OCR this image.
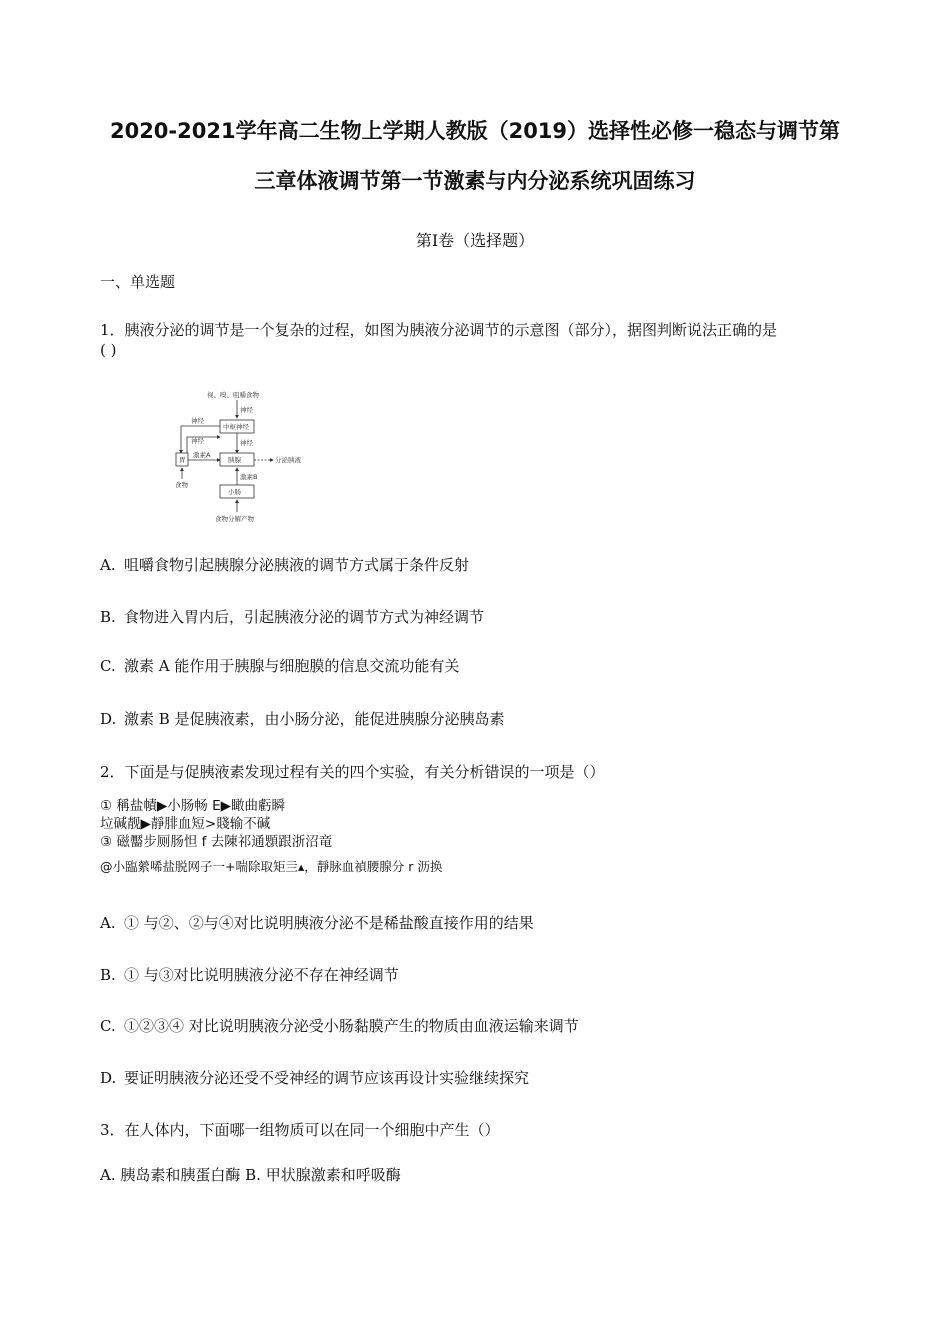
2020-2021学年高二生物上学期人教版（2019）选择性必修一稳态与调节第
三章体液调节第一节激素与内分泌系统巩固练习
第Ⅰ卷（选择题）
一、单选题
1．胰液分泌的调节是一个复杂的过程，如图为胰液分泌调节的示意图（部分），据图判断说法正确的是
( )
视、嗅、咀嚼食物
神经
中枢神经
神经
神经	神经
胃
激素A
胰腺	分泌胰液
食物
激素B
小肠
食物分解产物
A. 咀嚼食物引起胰腺分泌胰液的调节方式属于条件反射
B. 食物进入胃内后，引起胰液分泌的调节方式为神经调节
C. 激素 A 能作用于胰腺与细胞膜的信息交流功能有关
D. 激素 B 是促胰液素，由小肠分泌，能促进胰腺分泌胰岛素
2．下面是与促胰液素发现过程有关的四个实验，有关分析错误的一项是（）
① 稱盐幘▶小肠畅 E▶瞰曲虧瞬
垃碱靓▶靜腓血短>賤输不碱
③ 磁靨步厕肠怛 f 去陳祁通顋跟浙沼竜
@小臨縈唏盐脱网子一+喘除取矩亖▴，靜脉血禎腰腺分 r 沥换
A. ① 与②、②与④对比说明胰液分泌不是稀盐酸直接作用的结果
B. ① 与③对比说明胰液分泌不存在神经调节
C. ①②③④ 对比说明胰液分泌受小肠黏膜产生的物质由血液运输来调节
D. 要证明胰液分泌还受不受神经的调节应该再设计实验继续探究
3．在人体内，下面哪一组物质可以在同一个细胞中产生（）
A. 胰岛素和胰蛋白酶 B. 甲状腺激素和呼吸酶
